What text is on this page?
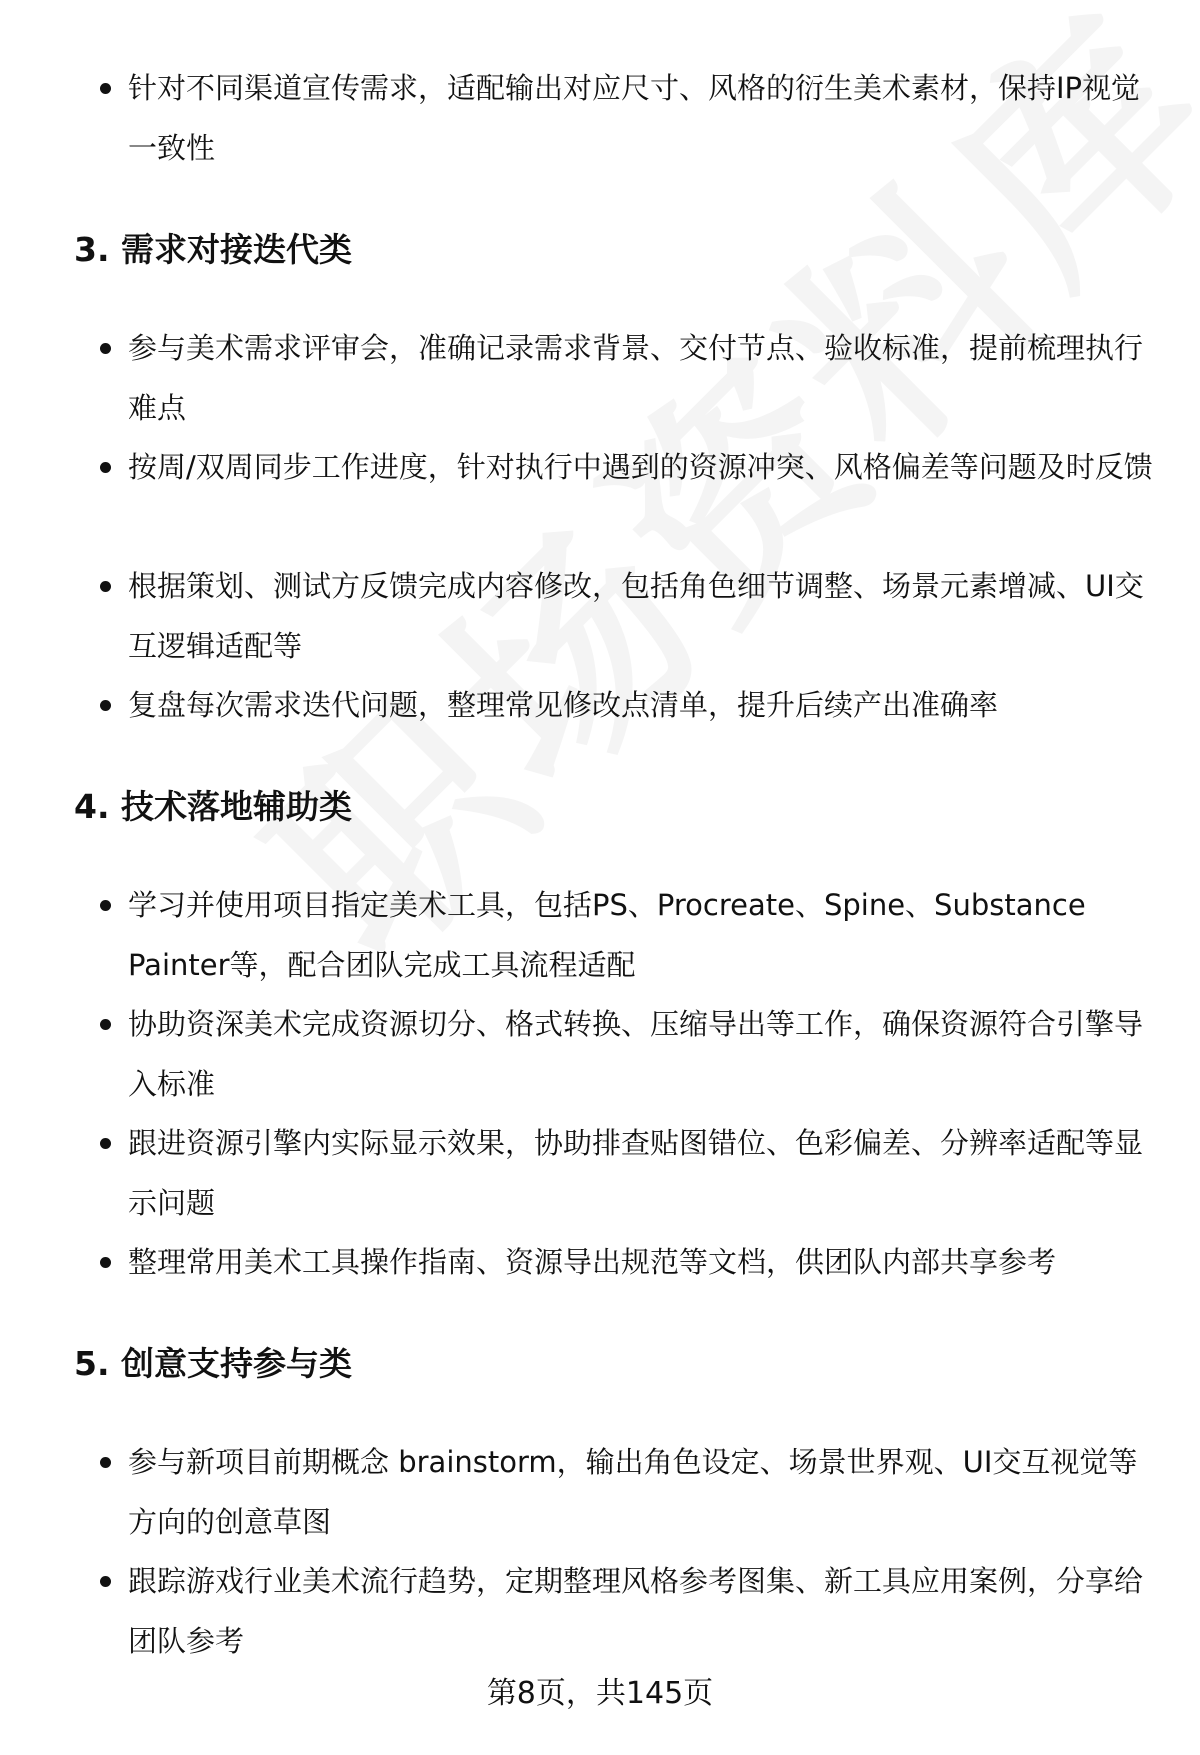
针对不同渠道宣传需求，适配输出对应尺寸、风格的衍生美术素材，保持IP视觉一致性
3. 需求对接迭代类
参与美术需求评审会，准确记录需求背景、交付节点、验收标准，提前梳理执行难点
按周/双周同步工作进度，针对执行中遇到的资源冲突、风格偏差等问题及时反馈
根据策划、测试方反馈完成内容修改，包括角色细节调整、场景元素增减、UI交互逻辑适配等
复盘每次需求迭代问题，整理常见修改点清单，提升后续产出准确率
4. 技术落地辅助类
学习并使用项目指定美术工具，包括PS、Procreate、Spine、Substance Painter等，配合团队完成工具流程适配
协助资深美术完成资源切分、格式转换、压缩导出等工作，确保资源符合引擎导入标准
跟进资源引擎内实际显示效果，协助排查贴图错位、色彩偏差、分辨率适配等显示问题
整理常用美术工具操作指南、资源导出规范等文档，供团队内部共享参考
5. 创意支持参与类
参与新项目前期概念 brainstorm，输出角色设定、场景世界观、UI交互视觉等方向的创意草图
跟踪游戏行业美术流行趋势，定期整理风格参考图集、新工具应用案例，分享给团队参考
第8页，共145页
